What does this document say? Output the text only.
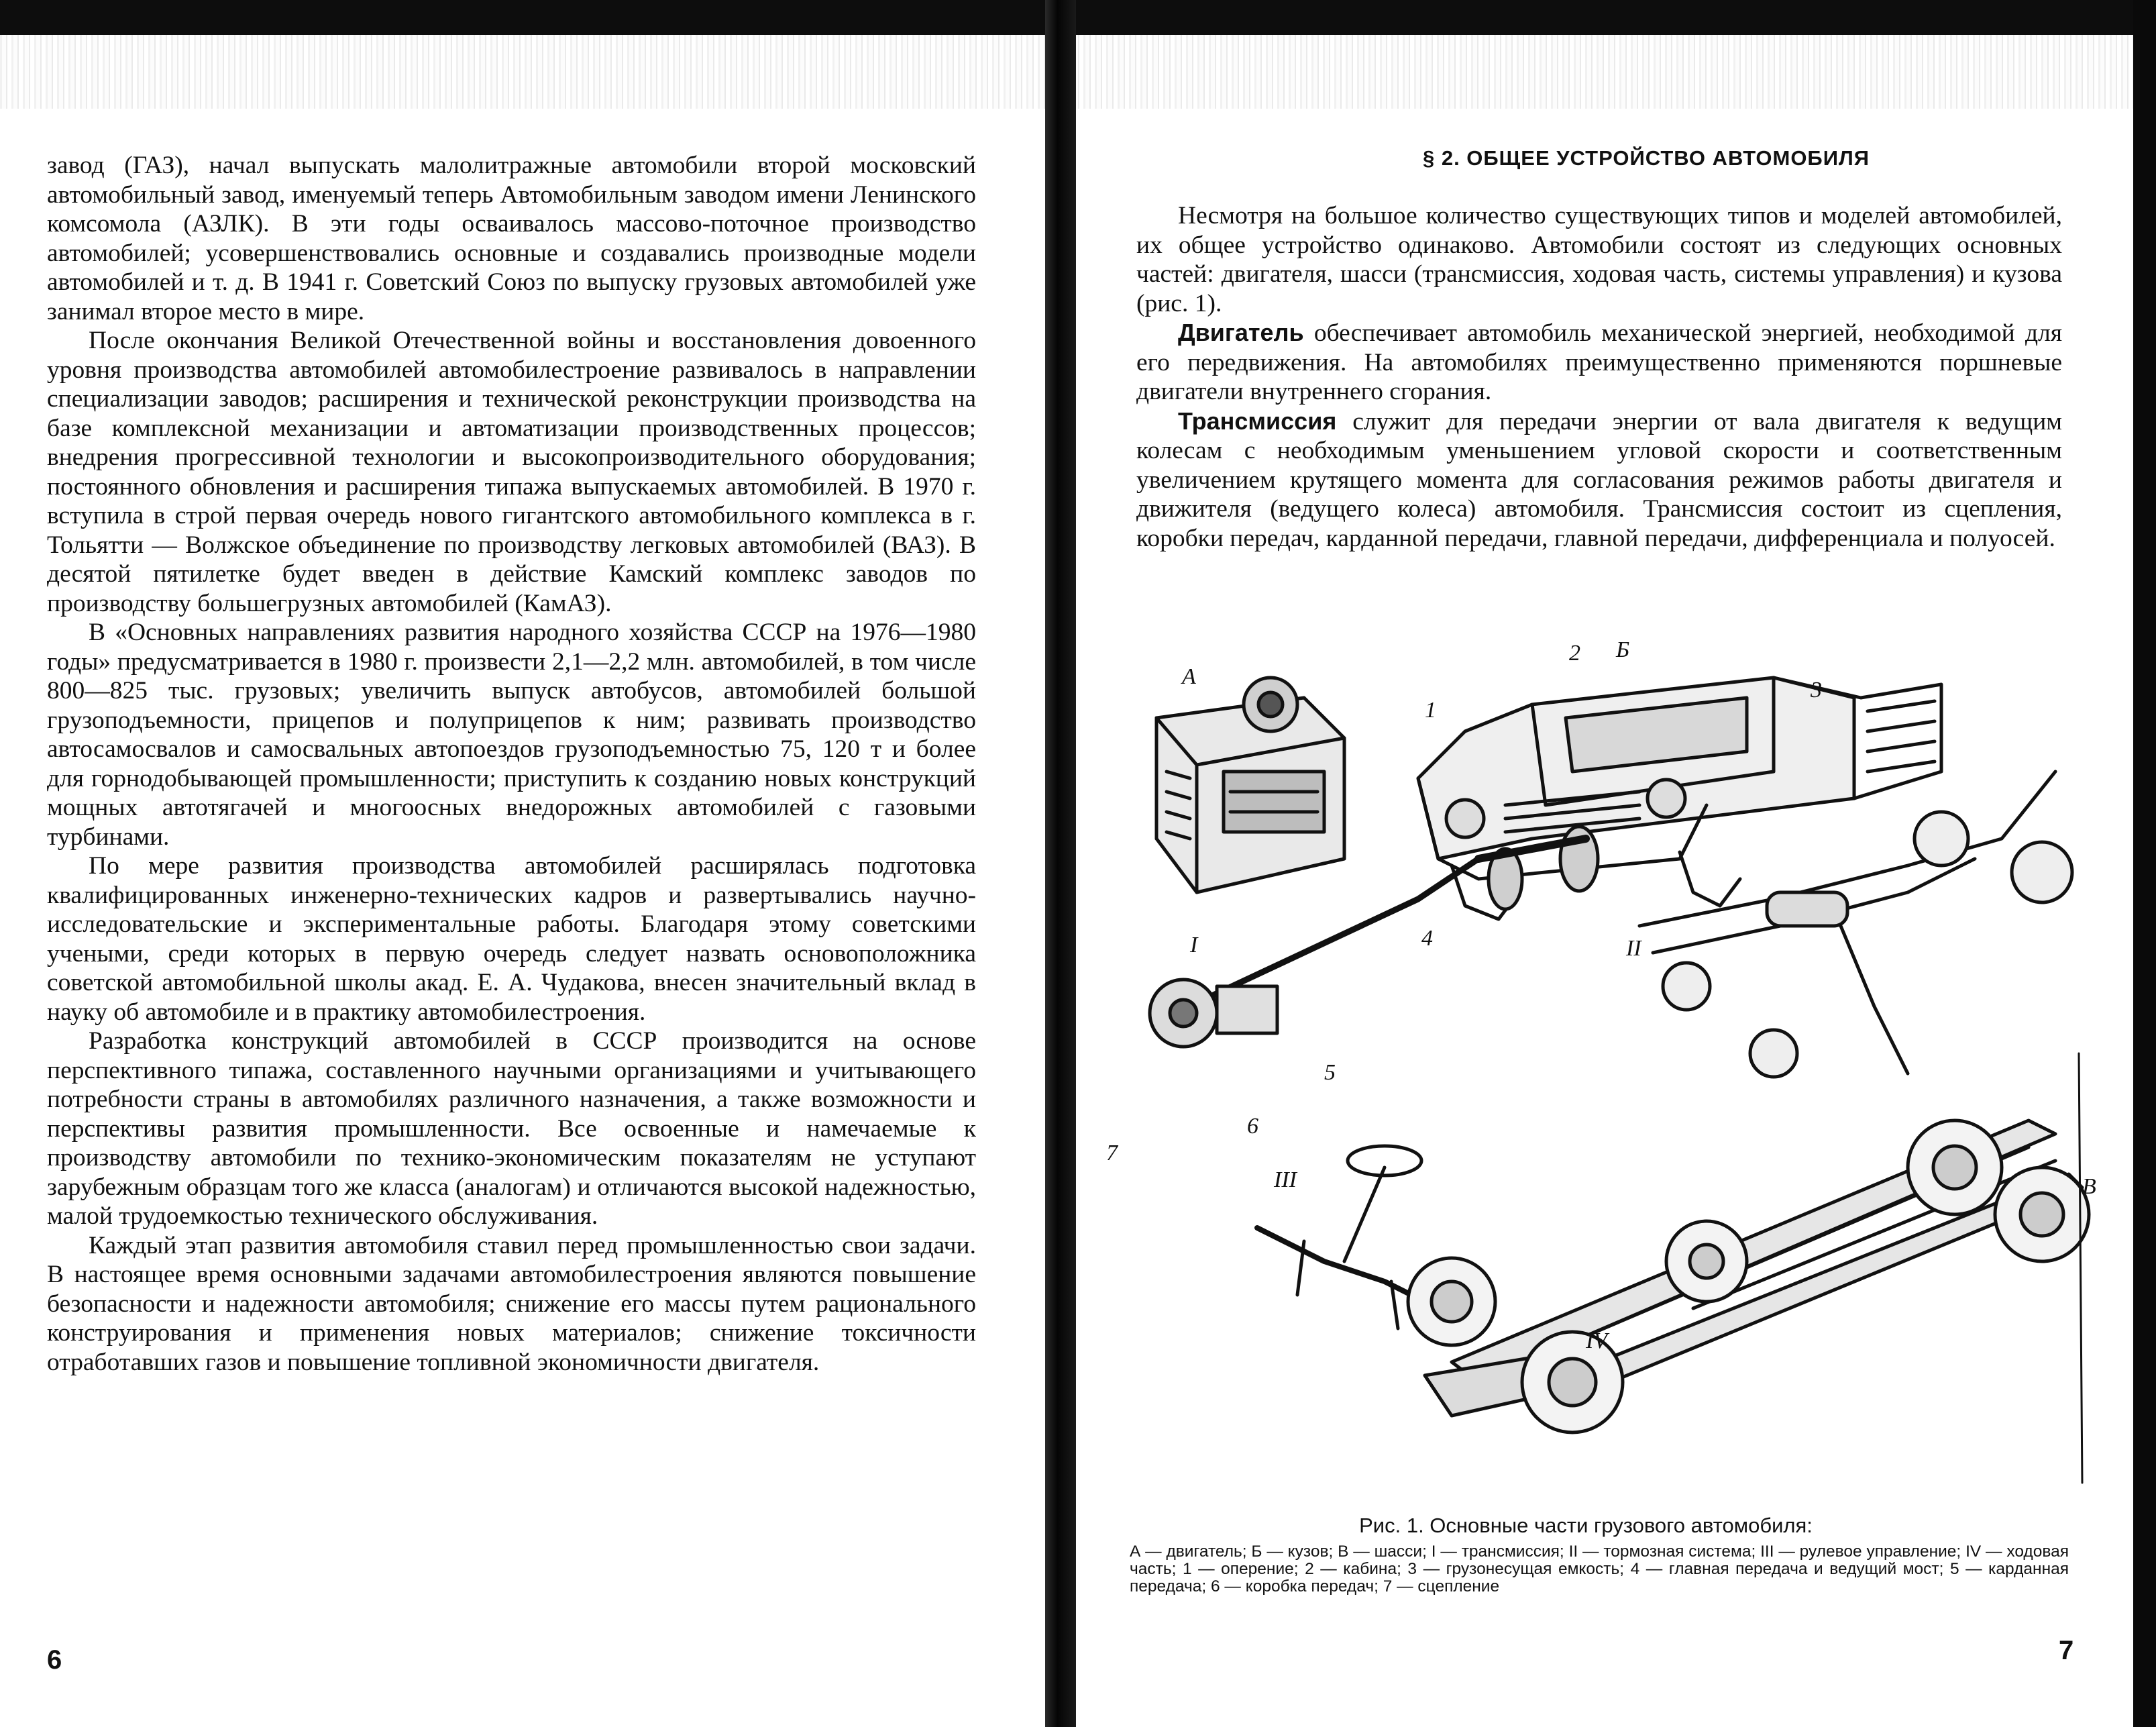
завод (ГАЗ), начал выпускать малолитражные автомобили второй московский автомобильный завод, именуемый теперь Автомобильным заводом имени Ленинского комсомола (АЗЛК). В эти годы осваивалось массово-поточное производство автомобилей; усовершенствовались основные и создавались производные модели автомобилей и т. д. В 1941 г. Советский Союз по выпуску грузовых автомобилей уже занимал второе место в мире.

После окончания Великой Отечественной войны и восстановления довоенного уровня производства автомобилей автомобилестроение развивалось в направлении специализации заводов; расширения и технической реконструкции производства на базе комплексной механизации и автоматизации производственных процессов; внедрения прогрессивной технологии и высокопроизводительного оборудования; постоянного обновления и расширения типажа выпускаемых автомобилей. В 1970 г. вступила в строй первая очередь нового гигантского автомобильного комплекса в г. Тольятти — Волжское объединение по производству легковых автомобилей (ВАЗ). В десятой пятилетке будет введен в действие Камский комплекс заводов по производству большегрузных автомобилей (КамАЗ).

В «Основных направлениях развития народного хозяйства СССР на 1976—1980 годы» предусматривается в 1980 г. произвести 2,1—2,2 млн. автомобилей, в том числе 800—825 тыс. грузовых; увеличить выпуск автобусов, автомобилей большой грузоподъемности, прицепов и полуприцепов к ним; развивать производство автосамосвалов и самосвальных автопоездов грузоподъемностью 75, 120 т и более для горнодобывающей промышленности; приступить к созданию новых конструкций мощных автотягачей и многоосных внедорожных автомобилей с газовыми турбинами.

По мере развития производства автомобилей расширялась подготовка квалифицированных инженерно-технических кадров и развертывались научно-исследовательские и экспериментальные работы. Благодаря этому советскими учеными, среди которых в первую очередь следует назвать основоположника советской автомобильной школы акад. Е. А. Чудакова, внесен значительный вклад в науку об автомобиле и в практику автомобилестроения.

Разработка конструкций автомобилей в СССР производится на основе перспективного типажа, составленного научными организациями и учитывающего потребности страны в автомобилях различного назначения, а также возможности и перспективы развития промышленности. Все освоенные и намечаемые к производству автомобили по технико-экономическим показателям не уступают зарубежным образцам того же класса (аналогам) и отличаются высокой надежностью, малой трудоемкостью технического обслуживания.

Каждый этап развития автомобиля ставил перед промышленностью свои задачи. В настоящее время основными задачами автомобилестроения являются повышение безопасности и надежности автомобиля; снижение его массы путем рационального конструирования и применения новых материалов; снижение токсичности отработавших газов и повышение топливной экономичности двигателя.

6
§ 2. ОБЩЕЕ УСТРОЙСТВО АВТОМОБИЛЯ

Несмотря на большое количество существующих типов и моделей автомобилей, их общее устройство одинаково. Автомобили состоят из следующих основных частей: двигателя, шасси (трансмиссия, ходовая часть, системы управления) и кузова (рис. 1).

Двигатель обеспечивает автомобиль механической энергией, необходимой для его передвижения. На автомобилях преимущественно применяются поршневые двигатели внутреннего сгорания.

Трансмиссия служит для передачи энергии от вала двигателя к ведущим колесам с необходимым уменьшением угловой скорости и соответственным увеличением крутящего момента для согласования режимов работы двигателя и движителя (ведущего колеса) автомобиля. Трансмиссия состоит из сцепления, коробки передач, карданной передачи, главной передачи, дифференциала и полуосей.

А
Б
В
I	II
III
IV
1
2
3
4
5
6
7
Рис. 1. Основные части грузового автомобиля:
А — двигатель; Б — кузов; В — шасси; I — трансмиссия; II — тормозная система; III — рулевое управление; IV — ходовая часть; 1 — оперение; 2 — кабина; 3 — грузонесущая емкость; 4 — главная передача и ведущий мост; 5 — карданная передача; 6 — коробка передач; 7 — сцепление
7
